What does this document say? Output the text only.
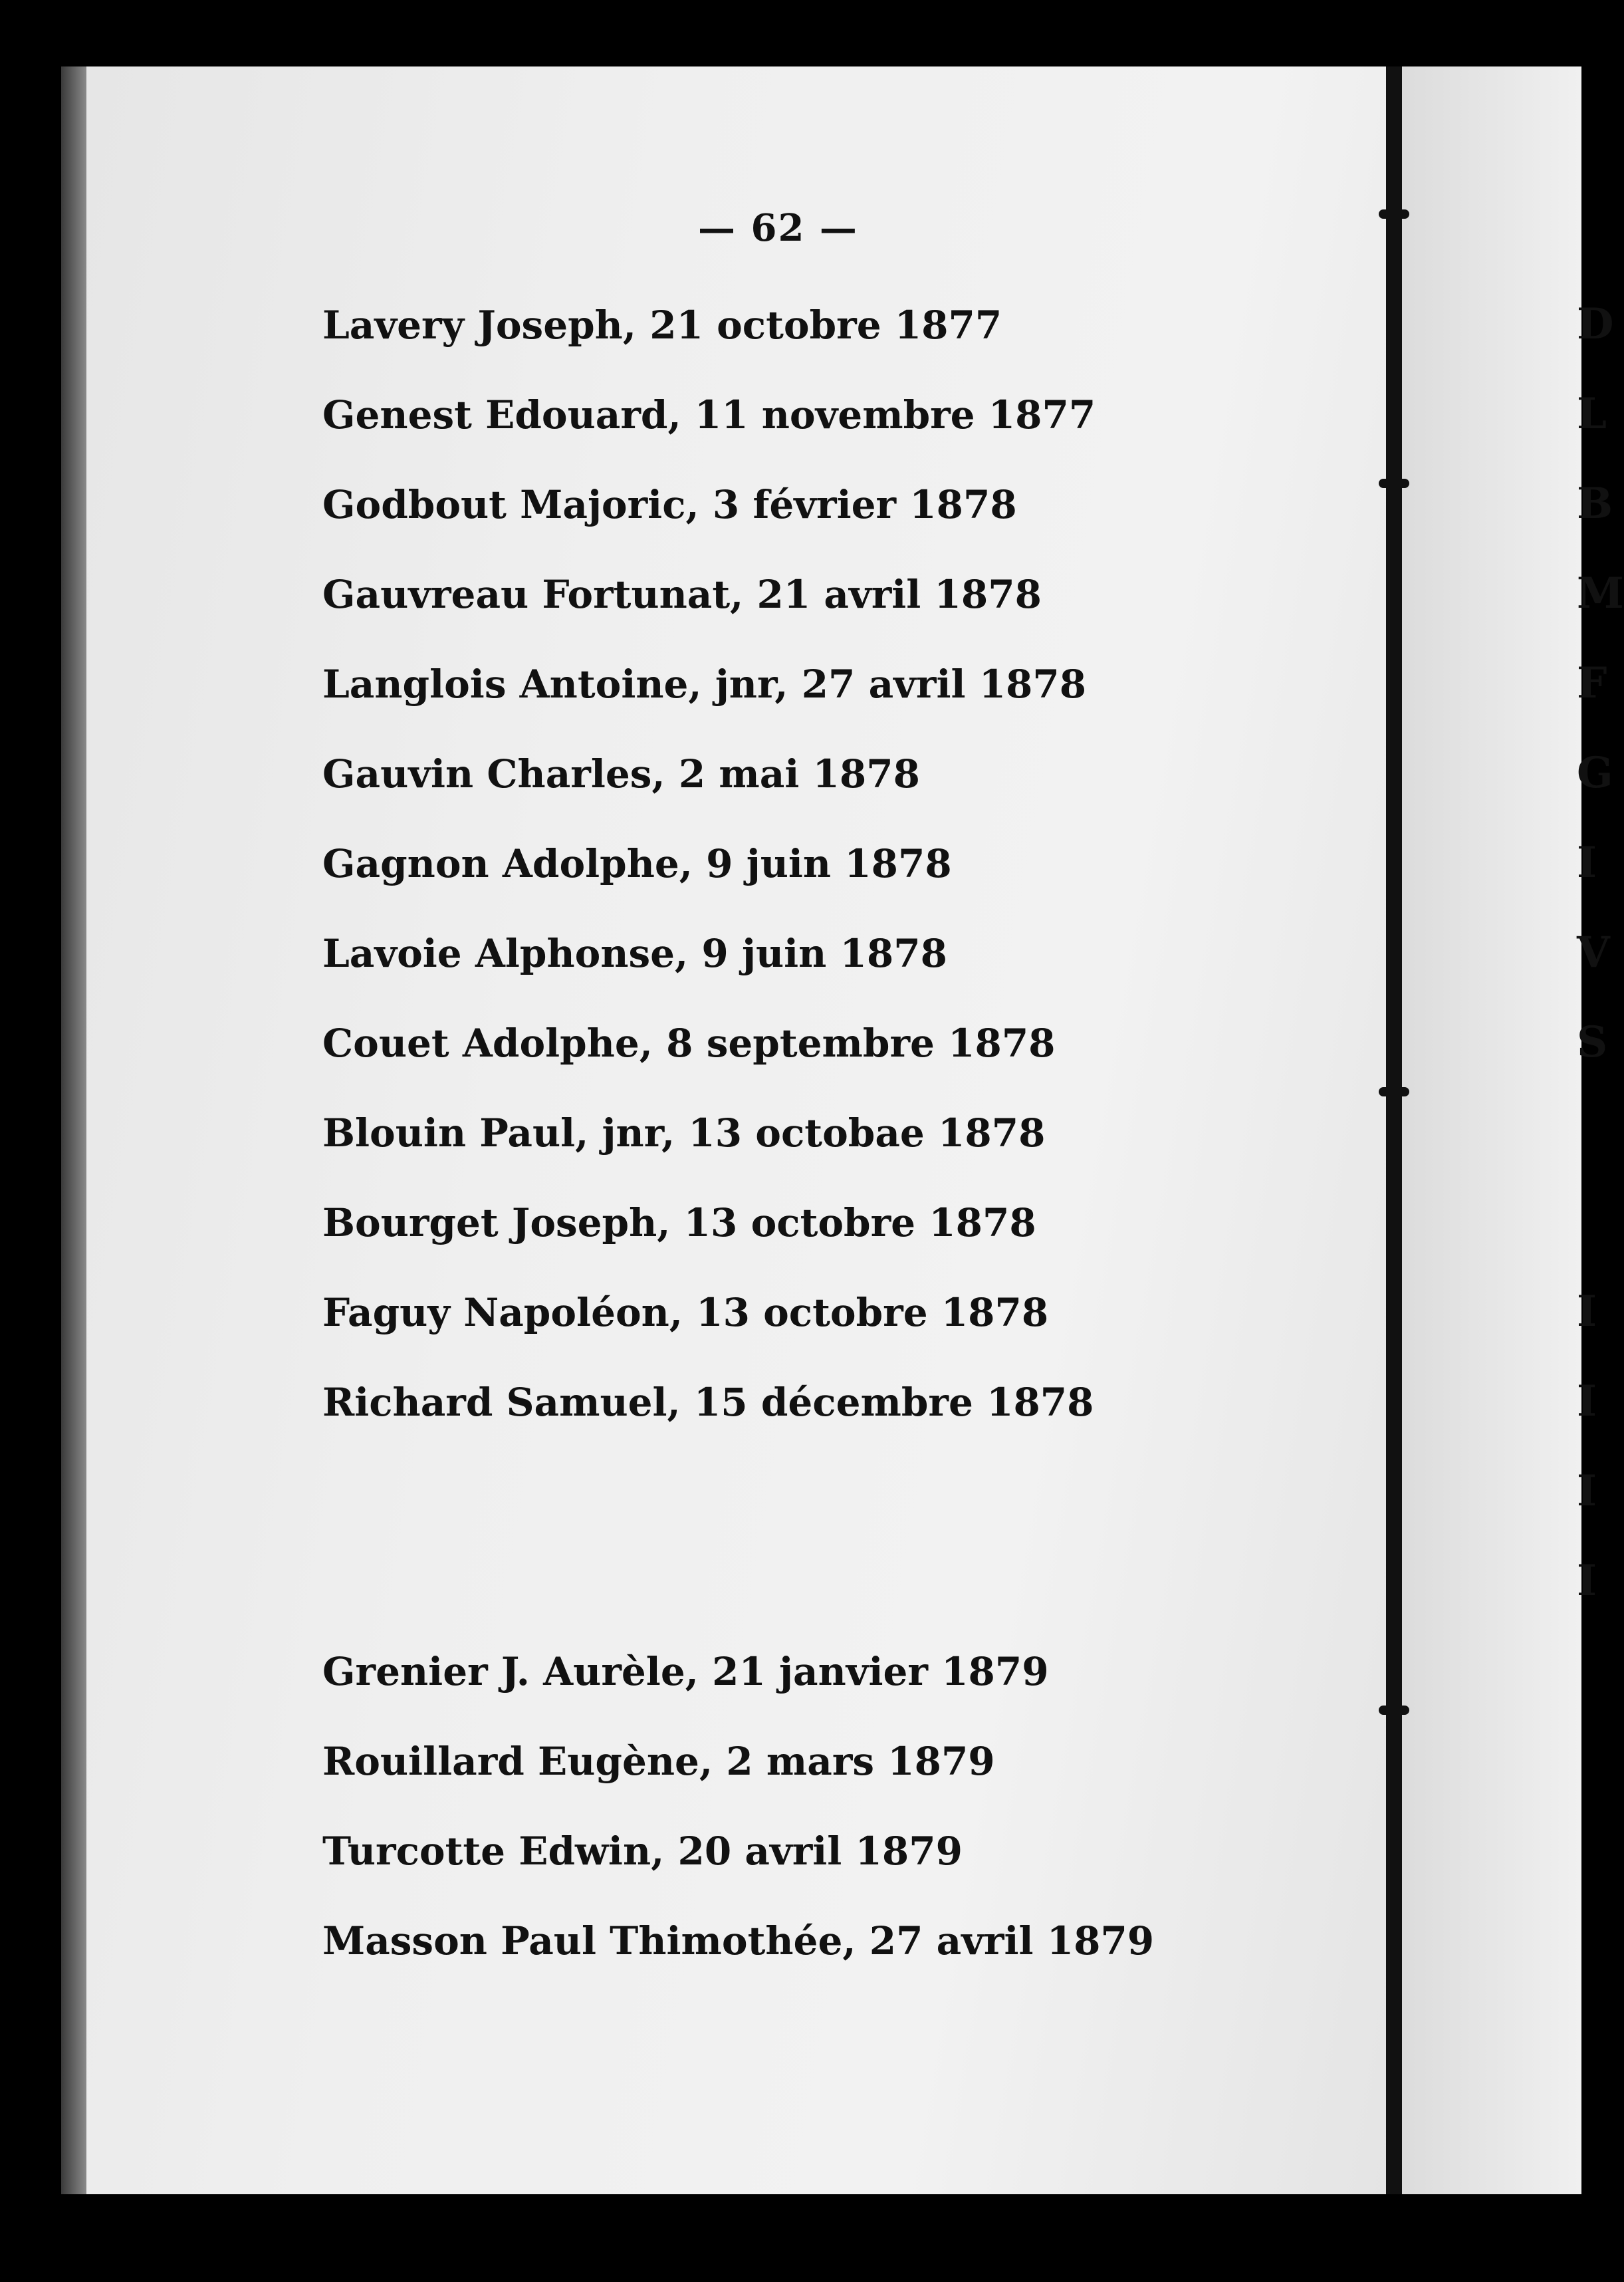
— 62 —
Lavery Joseph, 21 octobre 1877
Genest Edouard, 11 novembre 1877
Godbout Majoric, 3 février 1878
Gauvreau Fortunat, 21 avril 1878
Langlois Antoine, jnr, 27 avril 1878
Gauvin Charles, 2 mai 1878
Gagnon Adolphe, 9 juin 1878
Lavoie Alphonse, 9 juin 1878
Couet Adolphe, 8 septembre 1878
Blouin Paul, jnr, 13 octobae 1878
Bourget Joseph, 13 octobre 1878
Faguy Napoléon, 13 octobre 1878
Richard Samuel, 15 décembre 1878
Grenier J. Aurèle, 21 janvier 1879
Rouillard Eugène, 2 mars 1879
Turcotte Edwin, 20 avril 1879
Masson Paul Thimothée, 27 avril 1879
D
L
B
M
F
G
I
V
S
I
I
I
I
